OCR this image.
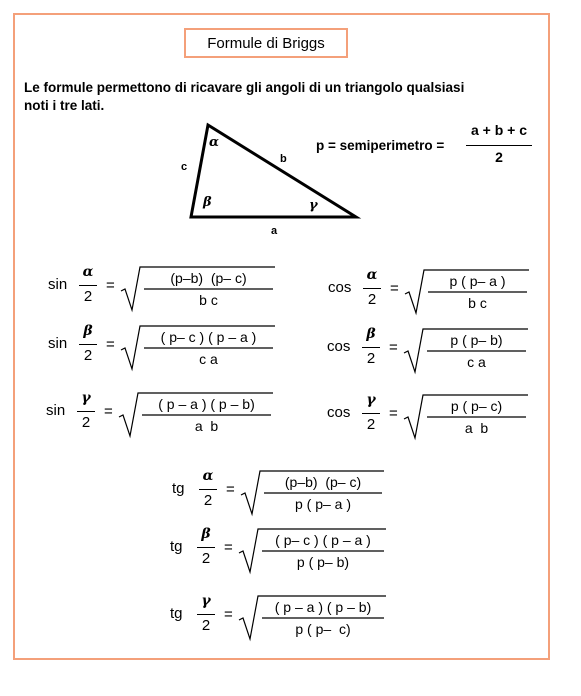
Formule di Briggs
Le formule permettono di ricavare gli angoli di un triangolo qualsiasi
noti i tre lati.
α
β	γ
c
b
a
p = semiperimetro =
a + b + c
2
sin
α
2
=	(p–b)  (p– c)
b c
cos
α
2
=	p ( p– a )
b c
sin
β
2
=	( p– c ) ( p – a )
c a
cos
β
2
=	p ( p– b)
c a
sin
γ
2
=	( p – a ) ( p – b)
a  b
cos
γ
2
=	p ( p– c)
a  b
tg
α
2
=	(p–b)  (p– c)
p ( p– a )
tg
β
2
=	( p– c ) ( p – a )
p ( p– b)
tg
γ
2
=	( p – a ) ( p – b)
p ( p–  c)
